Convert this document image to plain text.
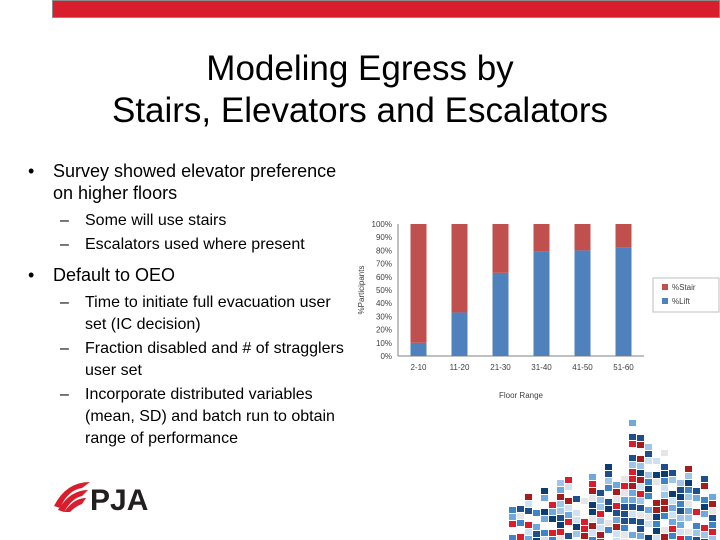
Modeling Egress by
Stairs, Elevators and Escalators
• Survey showed elevator preference on higher floors
– Some will use stairs
– Escalators used where present
• Default to OEO
– Time to initiate full evacuation user set (IC decision)
– Fraction disabled and # of stragglers user set
– Incorporate distributed variables (mean, SD) and batch run to obtain range of performance
0%
10%
20%
30%
40%
50%
60%
70%
80%
90%
100%
%Participants
2-10	11-20	21-30	31-40	41-50	51-60
Floor Range
%Stair
%Lift
PJA
